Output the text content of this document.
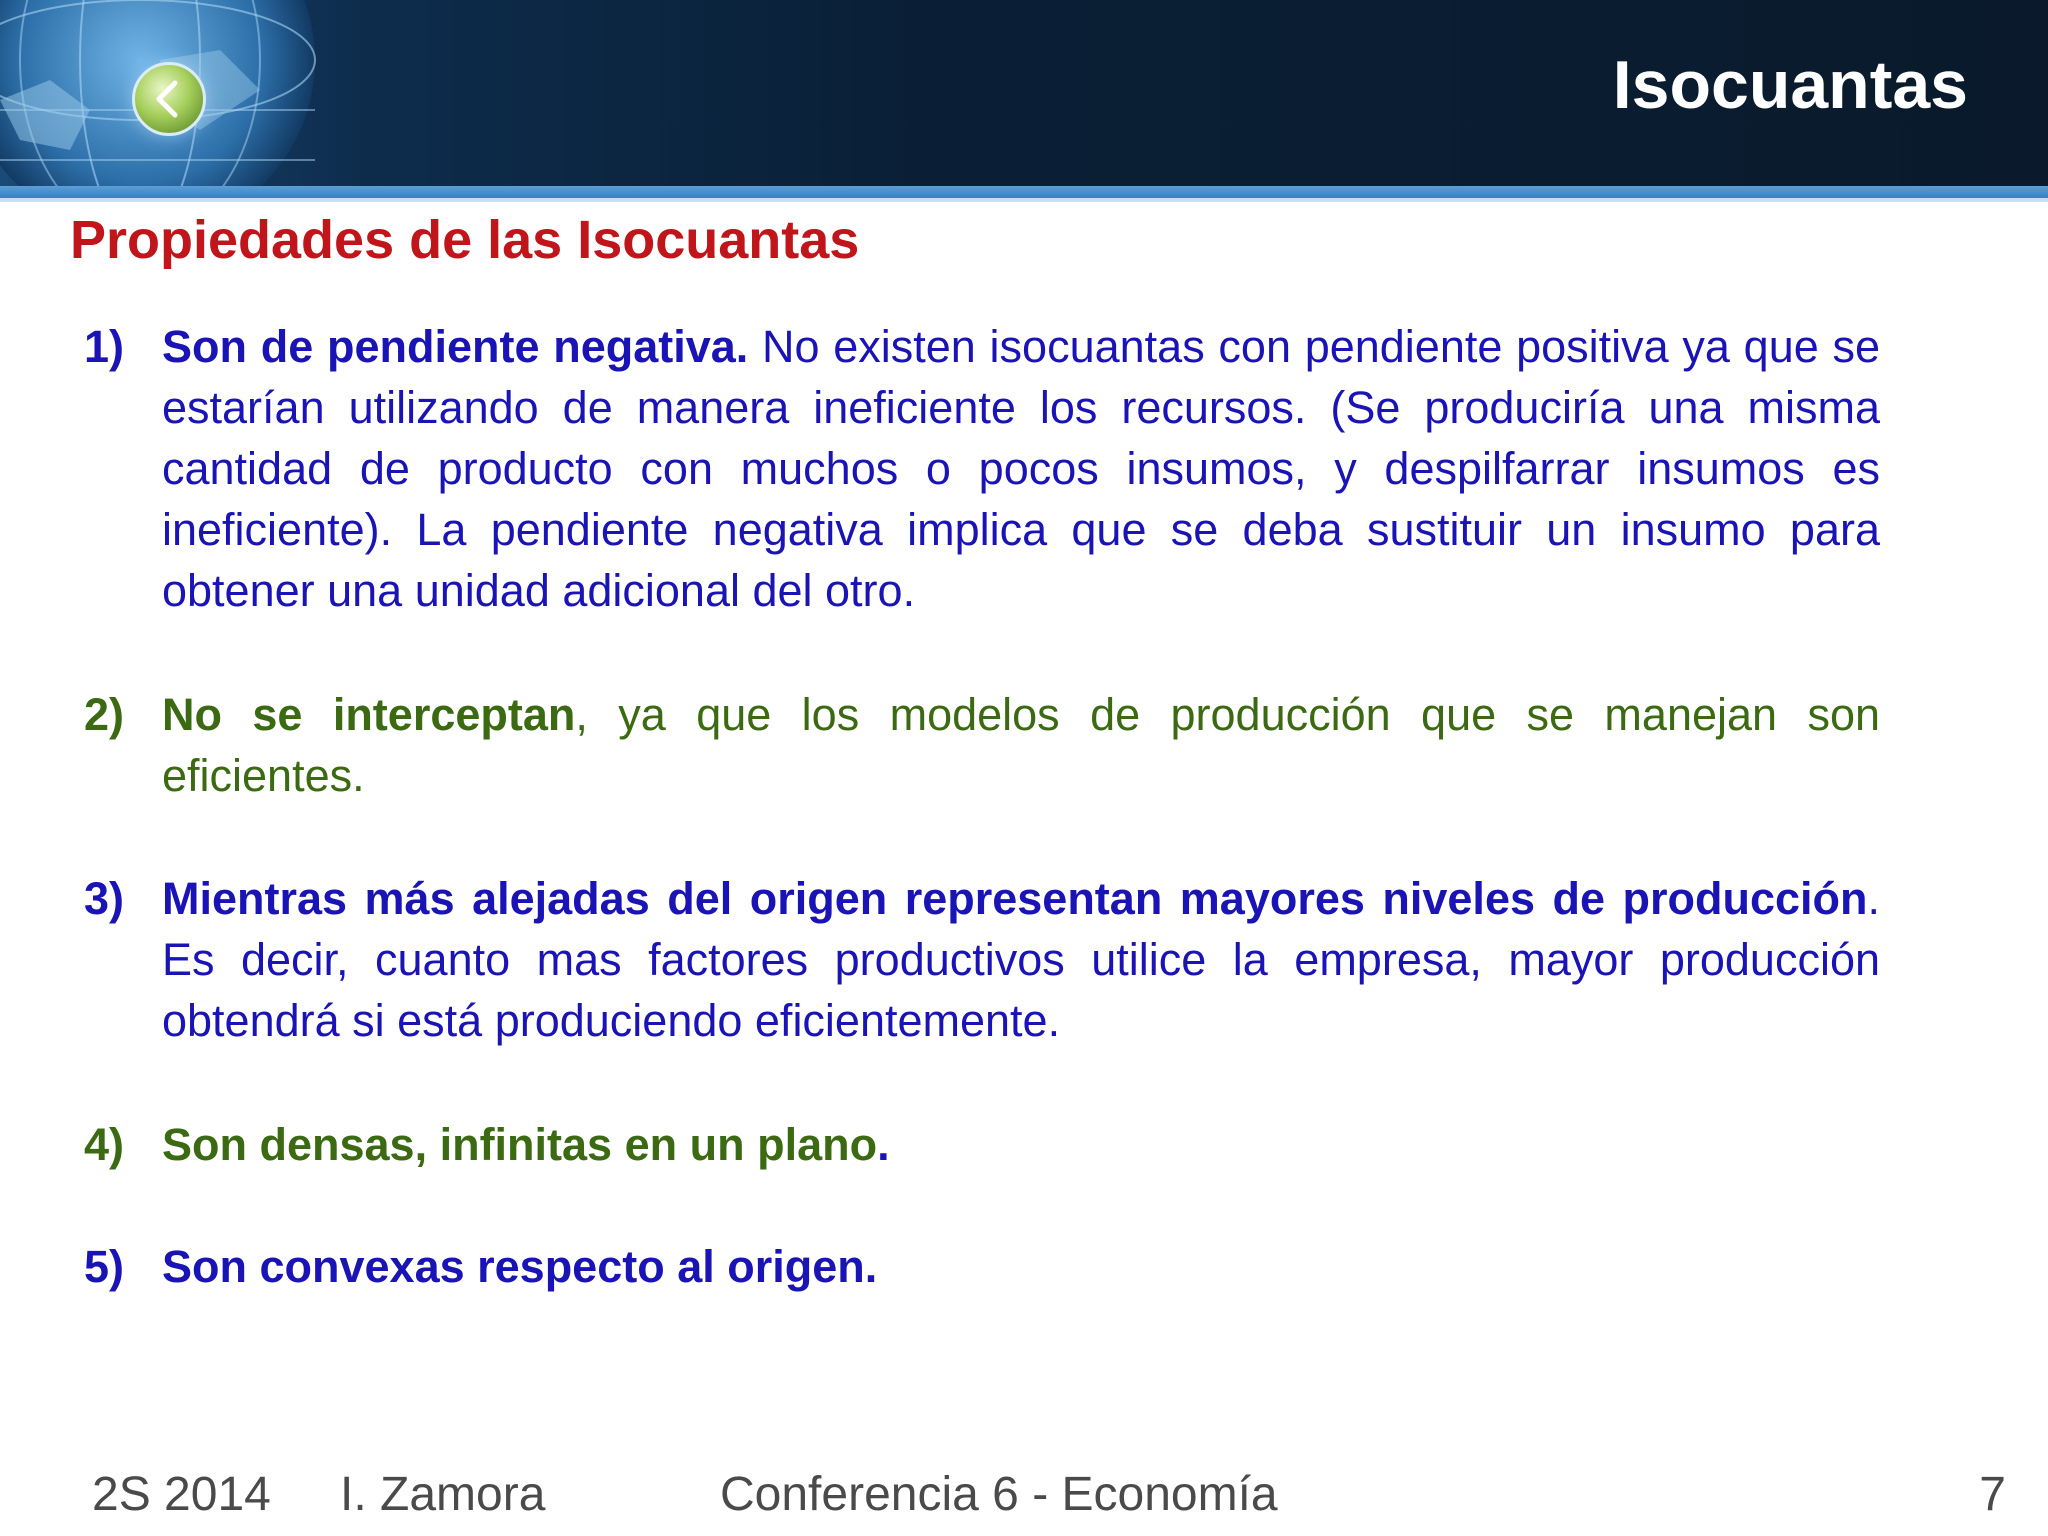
Isocuantas
Propiedades de las Isocuantas
1) Son de pendiente negativa. No existen isocuantas con pendiente positiva ya que se estarían utilizando de manera ineficiente los recursos. (Se produciría una misma cantidad de producto con muchos o pocos insumos, y despilfarrar insumos es ineficiente). La pendiente negativa implica que se deba sustituir un insumo para obtener una unidad adicional del otro.
2) No se interceptan, ya que los modelos de producción que se manejan son eficientes.
3) Mientras más alejadas del origen representan mayores niveles de producción. Es decir, cuanto mas factores productivos utilice la empresa, mayor producción obtendrá si está produciendo eficientemente.
4) Son densas, infinitas en un plano.
5) Son convexas respecto al origen.
2S 2014 I. Zamora	Conferencia 6 - Economía	7
